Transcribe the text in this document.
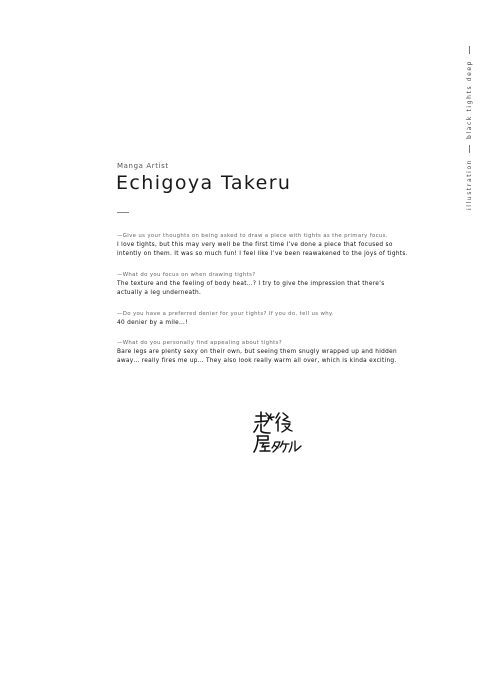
illustration
black tights deep
Manga Artist
Echigoya Takeru
—Give us your thoughts on being asked to draw a piece with tights as the primary focus.
I love tights, but this may very well be the first time I’ve done a piece that focused so intently on them. It was so much fun! I feel like I’ve been reawakened to the joys of tights.
—What do you focus on when drawing tights?
The texture and the feeling of body heat…? I try to give the impression that there’s actually a leg underneath.
—Do you have a preferred denier for your tights? If you do, tell us why.
40 denier by a mile…!
—What do you personally find appealing about tights?
Bare legs are plenty sexy on their own, but seeing them snugly wrapped up and hidden away… really fires me up… They also look really warm all over, which is kinda exciting.
